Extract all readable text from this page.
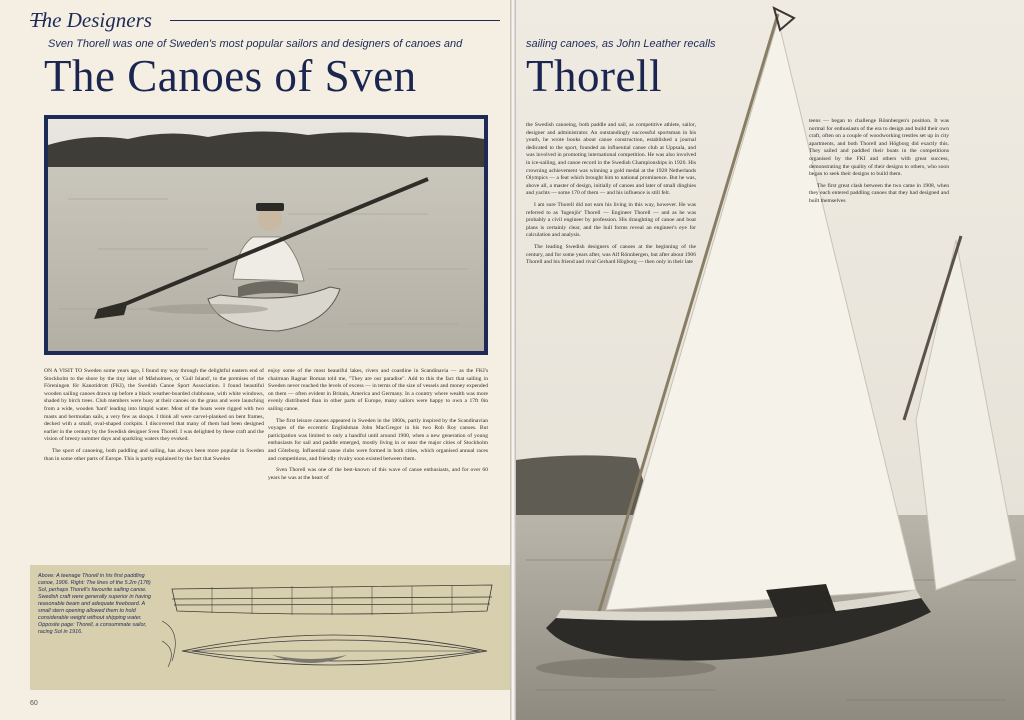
The Designers
Sven Thorell was one of Sweden's most popular sailors and designers of canoes and
The Canoes of Sven

ON A VISIT TO Sweden some years ago, I found my way through the delightful eastern end of Stockholm to the shore by the tiny islet of Måsholmen, or 'Gull Island', to the premises of the Föreningen för Kanotidrott (FKI), the Swedish Canoe Sport Association. I found beautiful wooden sailing canoes drawn up before a black weather-boarded clubhouse, with white windows, shaded by birch trees. Club members were busy at their canoes on the grass and were launching from a wide, wooden 'hard' leading into limpid water. Most of the boats were rigged with two masts and bermudan sails, a very few as sloops. I think all were carvel-planked on bent frames, decked with a small, oval-shaped cockpits. I discovered that many of them had been designed earlier in the century by the Swedish designer Sven Thorell. I was delighted by these craft and the vision of breezy summer days and sparkling waters they evoked.

The sport of canoeing, both paddling and sailing, has always been more popular in Sweden than in some other parts of Europe. This is partly explained by the fact that Swedes

enjoy some of the most beautiful lakes, rivers and coastline in Scandinavia — as the FKI's chairman Ragnar Boman told me, "They are our paradise". Add to this the fact that sailing in Sweden never reached the levels of excess — in terms of the size of vessels and money expended on them — often evident in Britain, America and Germany. In a country where wealth was more evenly distributed than in other parts of Europe, many sailors were happy to own a 17ft 0in sailing canoe.

The first leisure canoes appeared in Sweden in the 1860s, partly inspired by the Scandinavian voyages of the eccentric Englishman John MacGregor in his two Rob Roy canoes. But participation was limited to only a handful until around 1900, when a new generation of young enthusiasts for sail and paddle emerged, mostly living in or near the major cities of Stockholm and Göteborg. Influential canoe clubs were formed in both cities, which organised annual races and competitions, and friendly rivalry soon existed between them.

Sven Thorell was one of the best-known of this wave of canoe enthusiasts, and for over 60 years he was at the heart of

Above: A teenage Thorell in his first paddling canoe, 1906. Right: The lines of the 5.2m (17ft) Sol, perhaps Thorell's favourite sailing canoe. Swedish craft were generally superior in having reasonable beam and adequate freeboard. A small stern opening allowed them to hold considerable weight without shipping water. Opposite page: Thorell, a consummate sailor, racing Sol in 1916.
60
sailing canoes, as John Leather recalls
Thorell

the Swedish canoeing, both paddle and sail, as competitive athlete, sailor, designer and administrator. An outstandingly successful sportsman in his youth, he wrote books about canoe construction, established a journal dedicated to the sport, founded an influential canoe club at Uppsala, and was involved in promoting international competition. He was also involved in ice-sailing, and canoe record in the Swedish Championships in 1926. His crowning achievement was winning a gold medal at the 1928 Netherlands Olympics — a feat which brought him to national prominence. But he was, above all, a master of design, initially of canoes and later of small dinghies and yachts — some 170 of them — and his influence is still felt.

I am sure Thorell did not earn his living in this way, however. He was referred to as 'Ingenjör' Thorell — Engineer Thorell — and as he was probably a civil engineer by profession. His draughting of canoe and boat plans is certainly clear, and the hull forms reveal an engineer's eye for calculation and analysis.

The leading Swedish designers of canoes at the beginning of the century, and for some years after, was Alf Rönnbergen, but after about 1906 Thorell and his friend and rival Gerhard Högborg — then only in their late

teens — began to challenge Rönnbergen's position. It was normal for enthusiasts of the era to design and build their own craft, often on a couple of woodworking trestles set up in city apartments, and both Thorell and Högborg did exactly this. They sailed and paddled their boats in the competitions organised by the FKI and others with great success, demonstrating the quality of their designs to others, who soon began to seek their designs to build them.

The first great clash between the two came in 1908, when they each entered paddling canoes that they had designed and built themselves
